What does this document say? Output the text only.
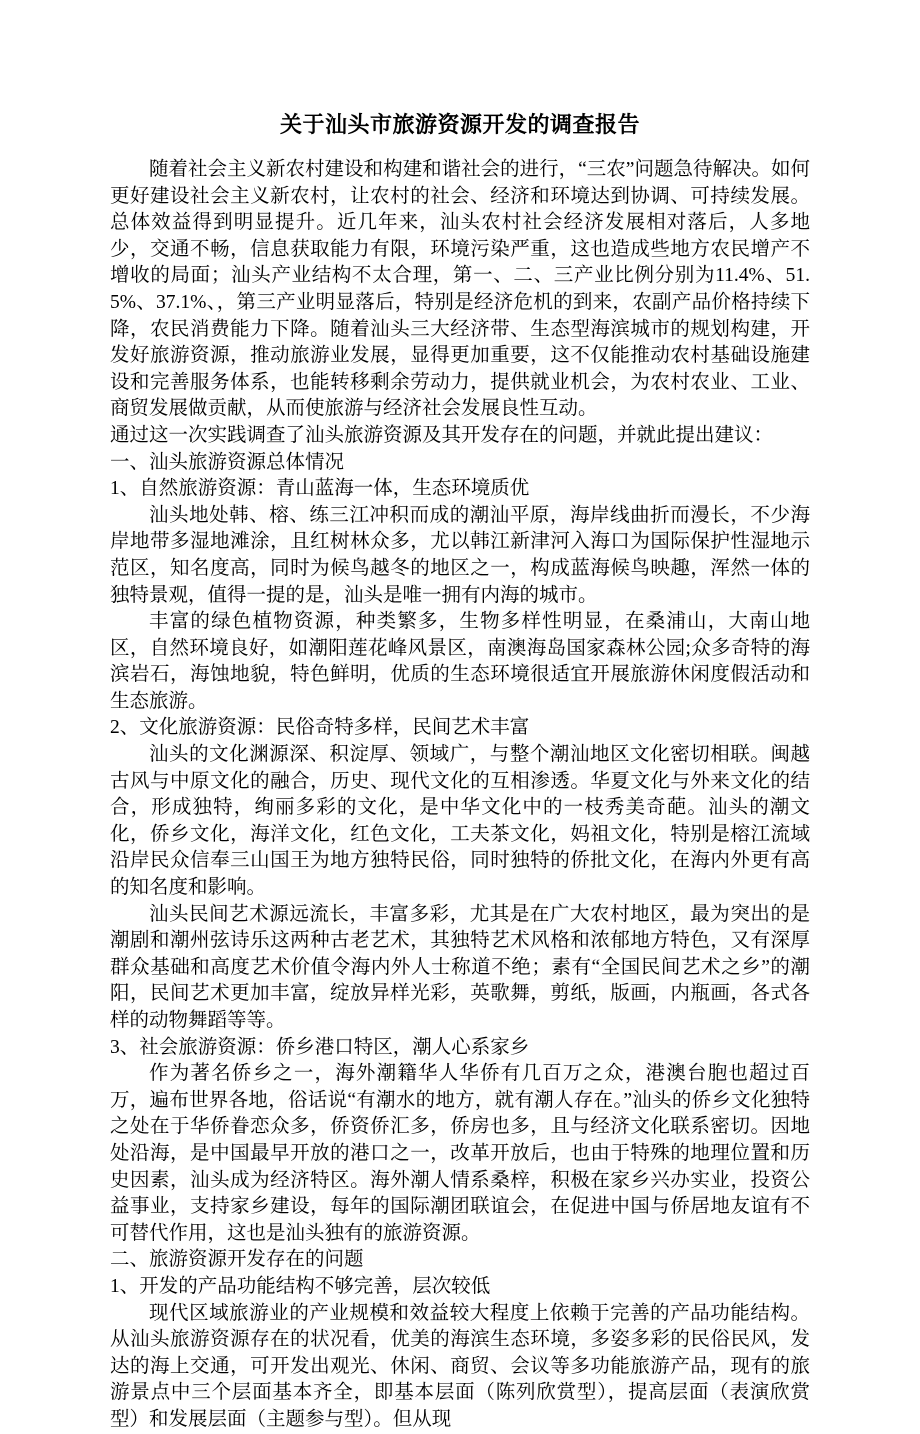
关于汕头市旅游资源开发的调查报告

随着社会主义新农村建设和构建和谐社会的进行，“三农”问题急待解决。如何更好建设社会主义新农村，让农村的社会、经济和环境达到协调、可持续发展。总体效益得到明显提升。近几年来，汕头农村社会经济发展相对落后，人多地少，交通不畅，信息获取能力有限，环境污染严重，这也造成些地方农民增产不增收的局面；汕头产业结构不太合理，第一、二、三产业比例分别为11.4%、51.5%、37.1%、，第三产业明显落后，特别是经济危机的到来，农副产品价格持续下降，农民消费能力下降。随着汕头三大经济带、生态型海滨城市的规划构建，开发好旅游资源，推动旅游业发展，显得更加重要，这不仅能推动农村基础设施建设和完善服务体系，也能转移剩余劳动力，提供就业机会，为农村农业、工业、商贸发展做贡献，从而使旅游与经济社会发展良性互动。

通过这一次实践调查了汕头旅游资源及其开发存在的问题，并就此提出建议：

一、汕头旅游资源总体情况

1、自然旅游资源：青山蓝海一体，生态环境质优

汕头地处韩、榕、练三江冲积而成的潮汕平原，海岸线曲折而漫长，不少海岸地带多湿地滩涂，且红树林众多，尤以韩江新津河入海口为国际保护性湿地示范区，知名度高，同时为候鸟越冬的地区之一，构成蓝海候鸟映趣，浑然一体的独特景观，值得一提的是，汕头是唯一拥有内海的城市。

丰富的绿色植物资源，种类繁多，生物多样性明显，在桑浦山，大南山地区，自然环境良好，如潮阳莲花峰风景区，南澳海岛国家森林公园;众多奇特的海滨岩石，海蚀地貌，特色鲜明，优质的生态环境很适宜开展旅游休闲度假活动和生态旅游。

2、文化旅游资源：民俗奇特多样，民间艺术丰富

汕头的文化渊源深、积淀厚、领域广，与整个潮汕地区文化密切相联。闽越古风与中原文化的融合，历史、现代文化的互相渗透。华夏文化与外来文化的结合，形成独特，绚丽多彩的文化，是中华文化中的一枝秀美奇葩。汕头的潮文化，侨乡文化，海洋文化，红色文化，工夫茶文化，妈祖文化，特别是榕江流域沿岸民众信奉三山国王为地方独特民俗，同时独特的侨批文化，在海内外更有高的知名度和影响。

汕头民间艺术源远流长，丰富多彩，尤其是在广大农村地区，最为突出的是潮剧和潮州弦诗乐这两种古老艺术，其独特艺术风格和浓郁地方特色，又有深厚群众基础和高度艺术价值令海内外人士称道不绝；素有“全国民间艺术之乡”的潮阳，民间艺术更加丰富，绽放异样光彩，英歌舞，剪纸，版画，内瓶画，各式各样的动物舞蹈等等。

3、社会旅游资源：侨乡港口特区，潮人心系家乡

作为著名侨乡之一，海外潮籍华人华侨有几百万之众，港澳台胞也超过百万，遍布世界各地，俗话说“有潮水的地方，就有潮人存在。”汕头的侨乡文化独特之处在于华侨眷恋众多，侨资侨汇多，侨房也多，且与经济文化联系密切。因地处沿海，是中国最早开放的港口之一，改革开放后，也由于特殊的地理位置和历史因素，汕头成为经济特区。海外潮人情系桑梓，积极在家乡兴办实业，投资公益事业，支持家乡建设，每年的国际潮团联谊会，在促进中国与侨居地友谊有不可替代作用，这也是汕头独有的旅游资源。

二、旅游资源开发存在的问题

1、开发的产品功能结构不够完善，层次较低

现代区域旅游业的产业规模和效益较大程度上依赖于完善的产品功能结构。从汕头旅游资源存在的状况看，优美的海滨生态环境，多姿多彩的民俗民风，发达的海上交通，可开发出观光、休闲、商贸、会议等多功能旅游产品，现有的旅游景点中三个层面基本齐全，即基本层面（陈列欣赏型），提高层面（表演欣赏型）和发展层面（主题参与型）。但从现
